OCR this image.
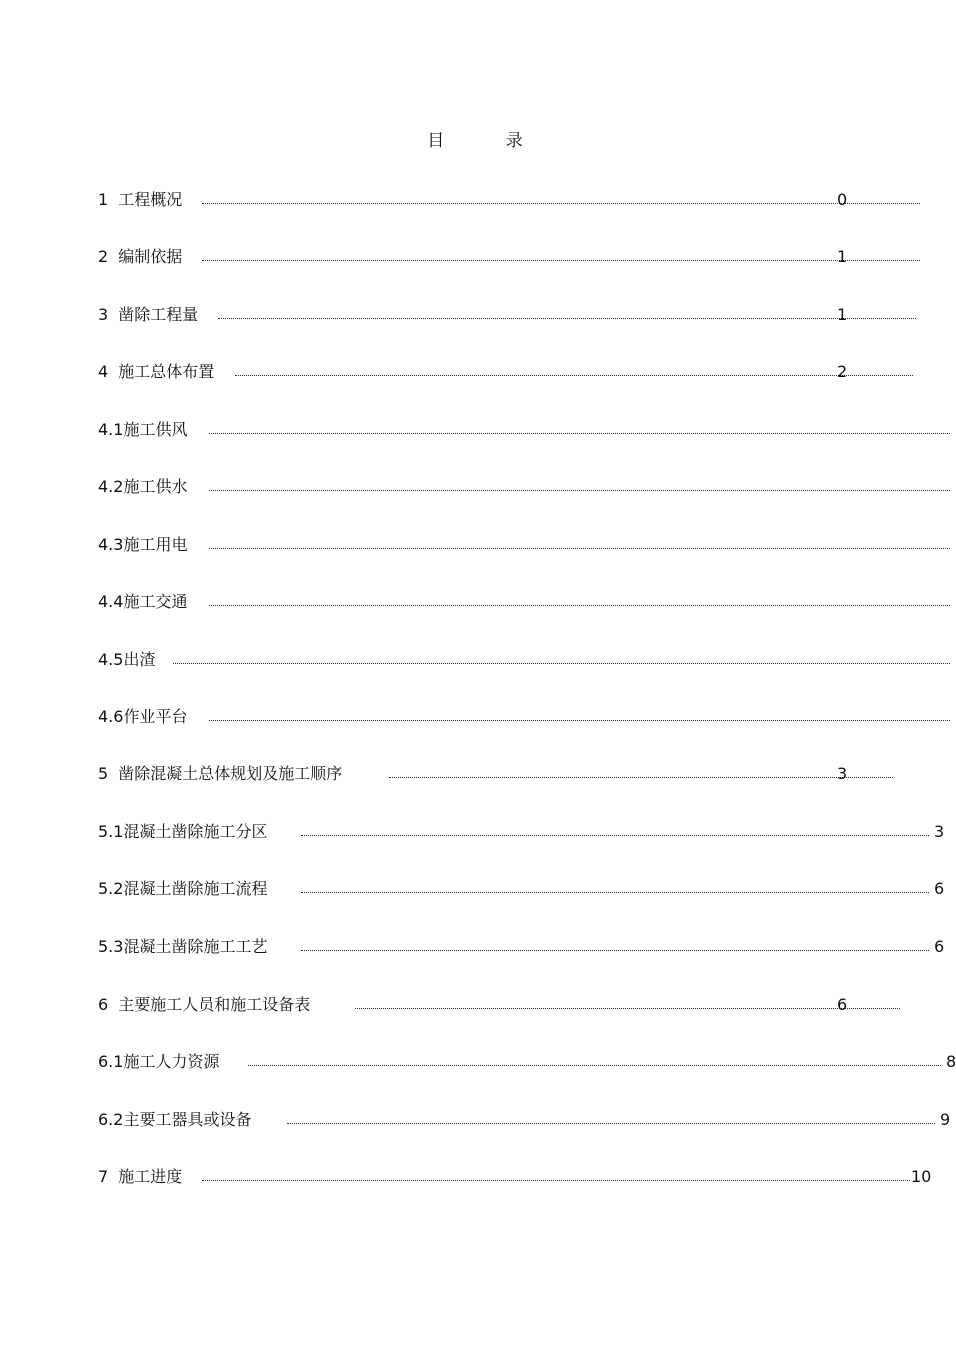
目 录
1 工程概况	0
2 编制依据	1
3 凿除工程量	1
4 施工总体布置	2
4.1施工供风
4.2施工供水
4.3施工用电
4.4施工交通
4.5出渣
4.6作业平台
5 凿除混凝土总体规划及施工顺序	3
5.1混凝土凿除施工分区	3
5.2混凝土凿除施工流程	6
5.3混凝土凿除施工工艺	6
6 主要施工人员和施工设备表	6
6.1施工人力资源	8
6.2主要工器具或设备	9
7 施工进度	10
